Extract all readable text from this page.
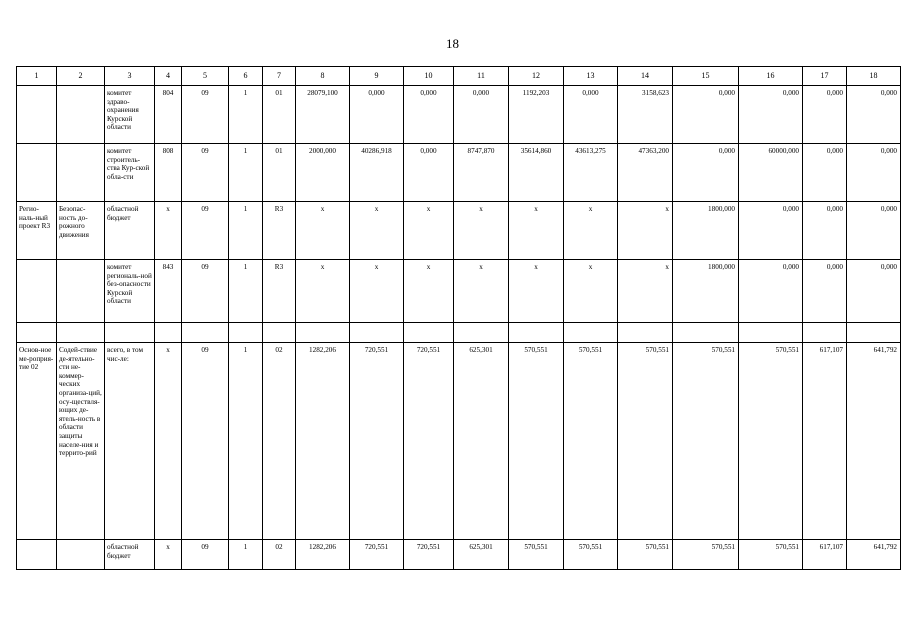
18
1	2	3	4	5	6	7	8	9	10	11	12	13	14	15	16	17	18
		комитет здраво-охранения Курской области	804	09	1	01	28079,100	0,000	0,000	0,000	1192,203	0,000	3158,623	0,000	0,000	0,000	0,000
		комитет строитель-ства Кур-ской обла-сти	808	09	1	01	2000,000	40286,918	0,000	8747,870	35614,860	43613,275	47363,200	0,000	60000,000	0,000	0,000
Регио-наль-ный проект R3	Безопас-ность до-рожного движения	областной бюджет	x	09	1	R3	x	x	x	x	x	x	x	1800,000	0,000	0,000	0,000
		комитет региональ-ной без-опасности Курской области	843	09	1	R3	x	x	x	x	x	x	x	1800,000	0,000	0,000	0,000

Основ-ное ме-роприя-тие 02	Содей-ствие де-ятельно-сти не-коммер-ческих организа-ций, осу-ществля-ющих де-ятель-ность в области защиты населе-ния и террито-рий	всего, в том чис-ле:	x	09	1	02	1282,206	720,551	720,551	625,301	570,551	570,551	570,551	570,551	570,551	617,107	641,792
		областной бюджет	x	09	1	02	1282,206	720,551	720,551	625,301	570,551	570,551	570,551	570,551	570,551	617,107	641,792
